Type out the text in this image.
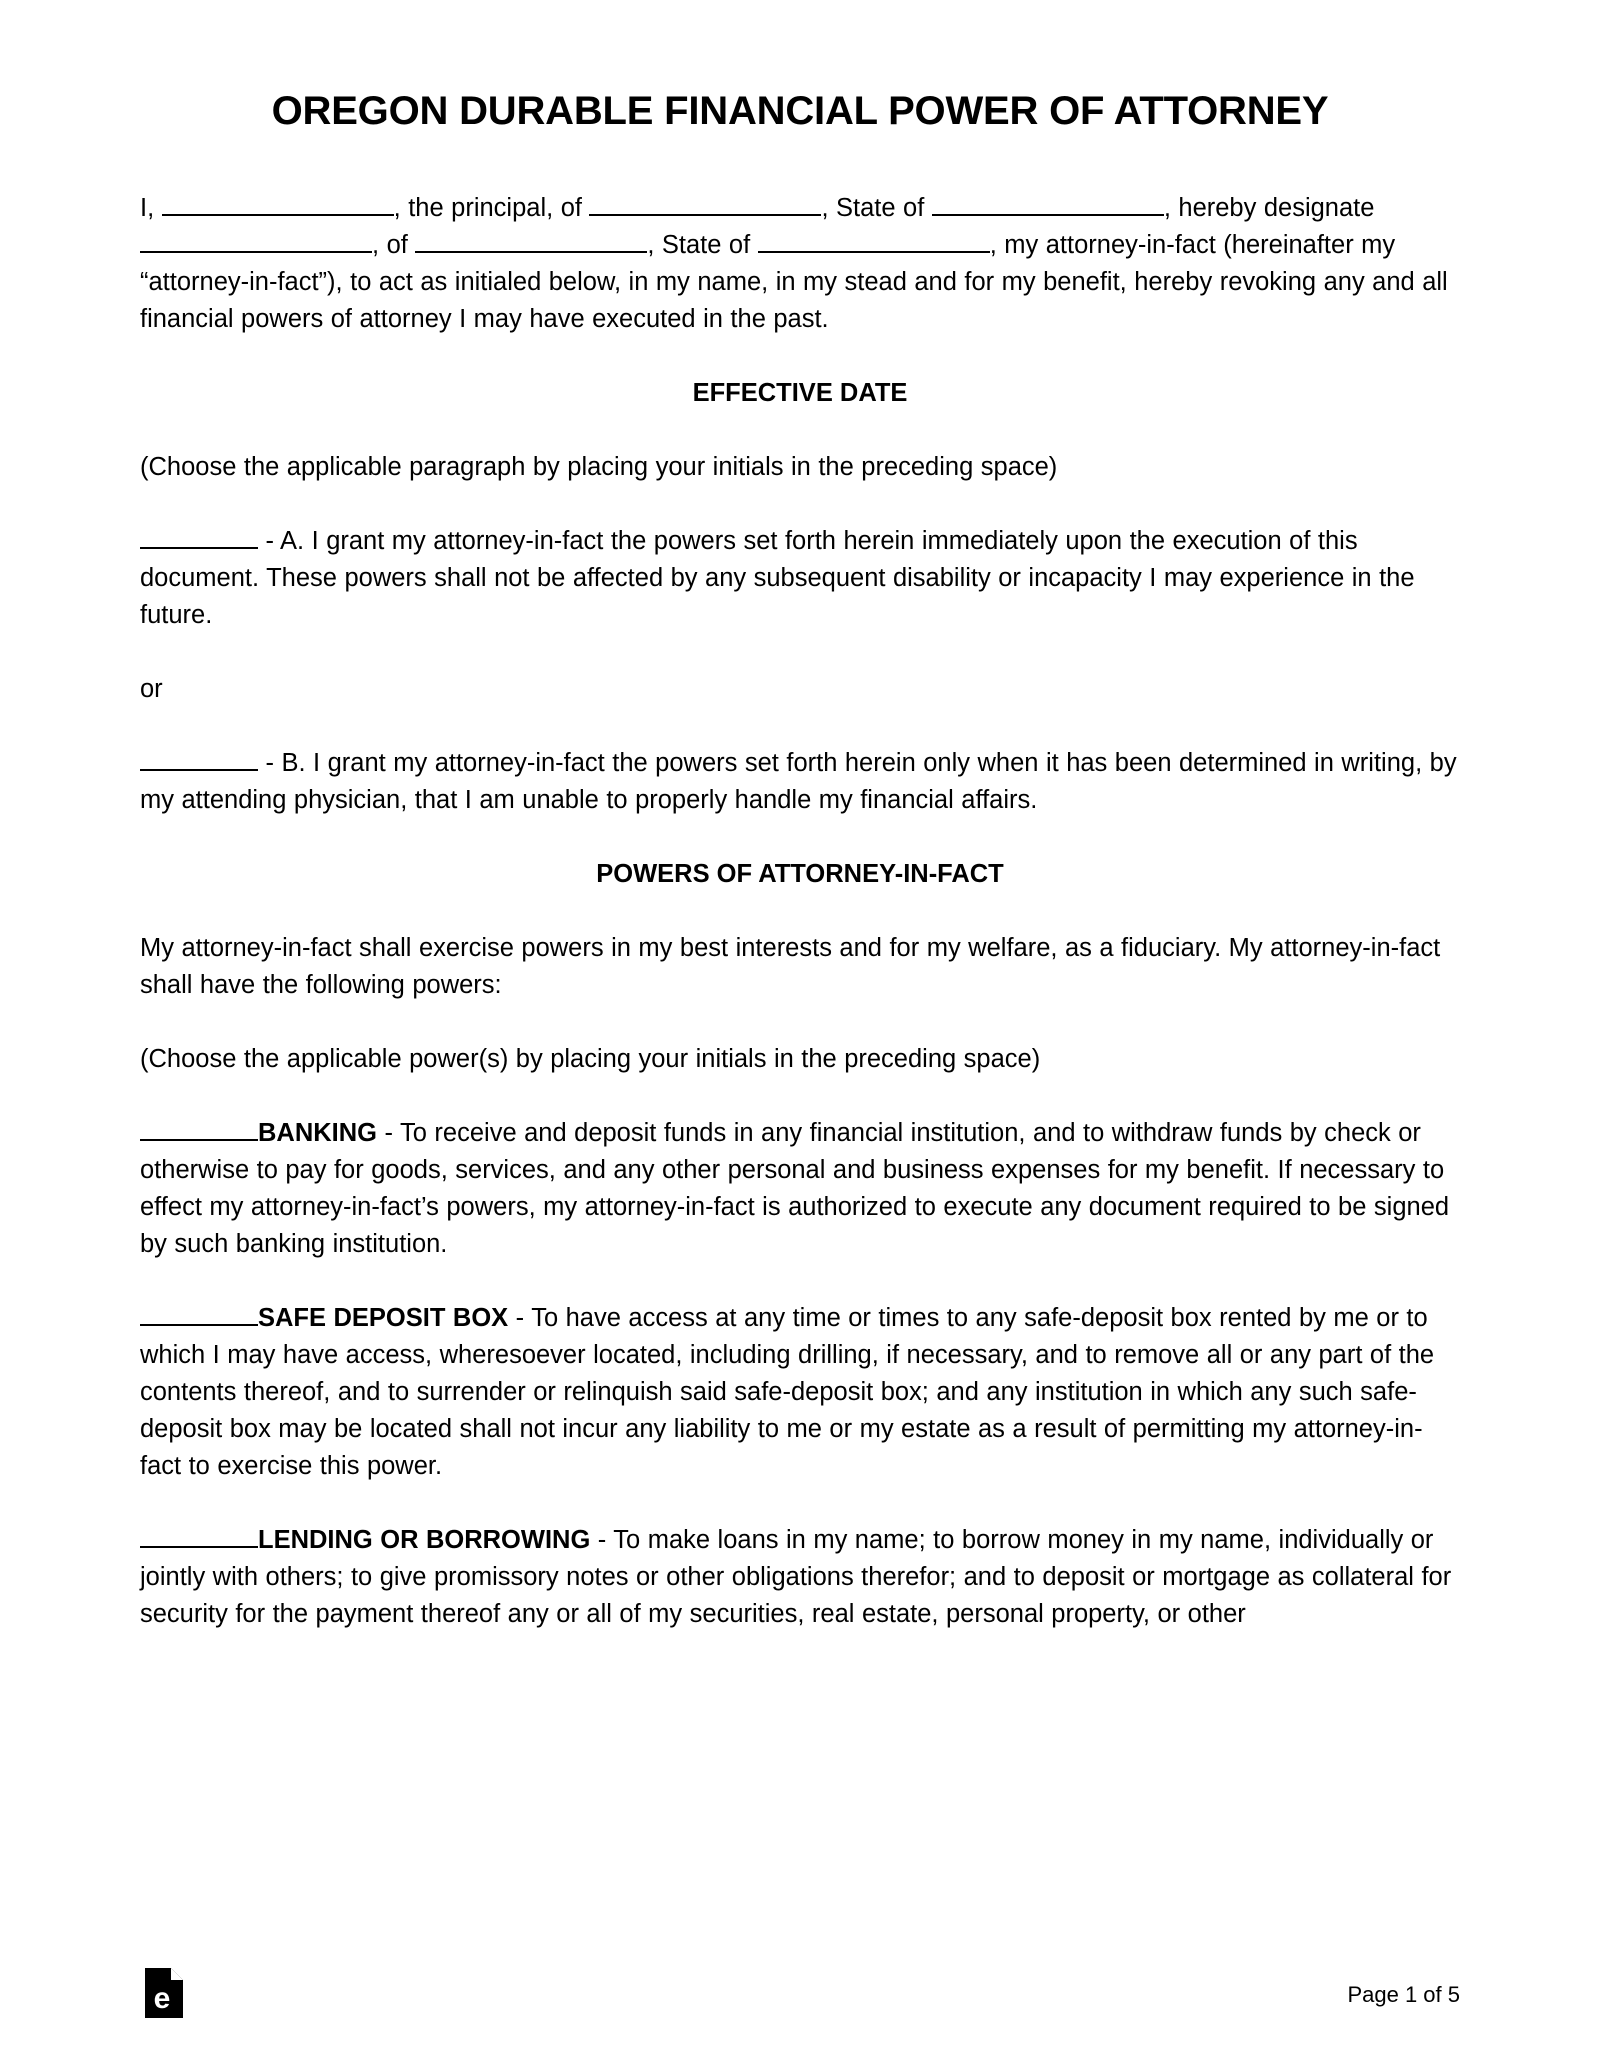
OREGON DURABLE FINANCIAL POWER OF ATTORNEY

I,	, the principal, of	, State of	, hereby designate , of	, State of	, my attorney-in-fact (hereinafter my “attorney-in-fact”), to act as initialed below, in my name, in my stead and for my benefit, hereby revoking any and all financial powers of attorney I may have executed in the past.

EFFECTIVE DATE

(Choose the applicable paragraph by placing your initials in the preceding space)

- A. I grant my attorney-in-fact the powers set forth herein immediately upon the execution of this document. These powers shall not be affected by any subsequent disability or incapacity I may experience in the future.

or

- B. I grant my attorney-in-fact the powers set forth herein only when it has been determined in writing, by my attending physician, that I am unable to properly handle my financial affairs.

POWERS OF ATTORNEY-IN-FACT

My attorney-in-fact shall exercise powers in my best interests and for my welfare, as a fiduciary. My attorney-in-fact shall have the following powers:

(Choose the applicable power(s) by placing your initials in the preceding space)

BANKING - To receive and deposit funds in any financial institution, and to withdraw funds by check or otherwise to pay for goods, services, and any other personal and business expenses for my benefit. If necessary to effect my attorney-in-fact’s powers, my attorney-in-fact is authorized to execute any document required to be signed by such banking institution.

SAFE DEPOSIT BOX - To have access at any time or times to any safe-deposit box rented by me or to which I may have access, wheresoever located, including drilling, if necessary, and to remove all or any part of the contents thereof, and to surrender or relinquish said safe-deposit box; and any institution in which any such safe-deposit box may be located shall not incur any liability to me or my estate as a result of permitting my attorney-in-fact to exercise this power.

LENDING OR BORROWING - To make loans in my name; to borrow money in my name, individually or jointly with others; to give promissory notes or other obligations therefor; and to deposit or mortgage as collateral for security for the payment thereof any or all of my securities, real estate, personal property, or other

e	Page 1 of 5
